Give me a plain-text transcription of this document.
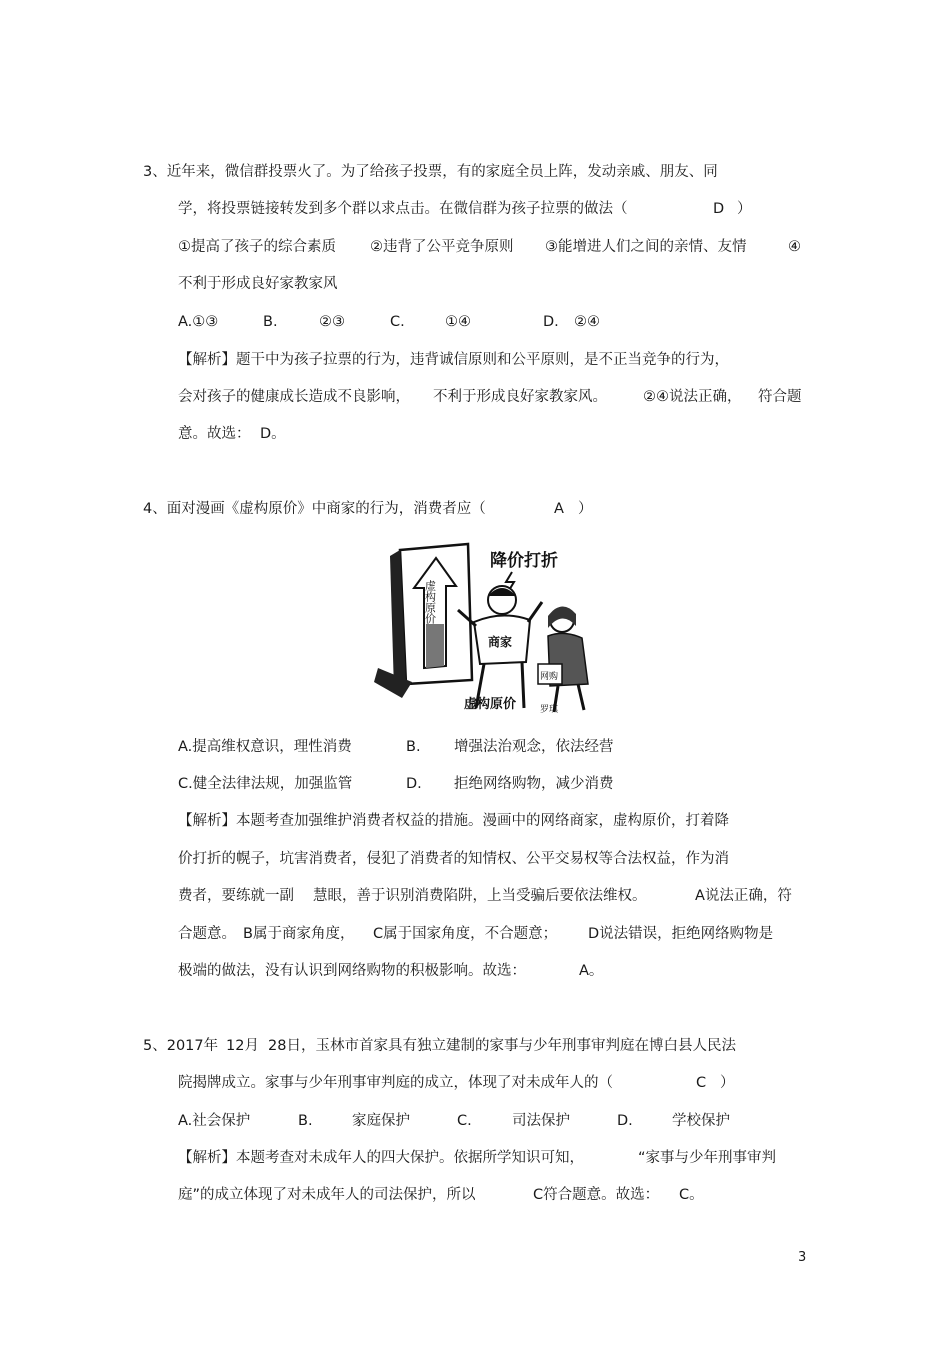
3、近年来，微信群投票火了。为了给孩子投票，有的家庭全员上阵，发动亲戚、朋友、同
学，将投票链接转发到多个群以求点击。在微信群为孩子拉票的做法（	D ）
①提高了孩子的综合素质 ②违背了公平竞争原则 ③能增进人们之间的亲情、友情	④
不利于形成良好家教家风
A.①③	B.	②③	C.	①④	D. ②④
【解析】题干中为孩子拉票的行为，违背诚信原则和公平原则，是不正当竞争的行为，
会对孩子的健康成长造成不良影响， 不利于形成良好家教家风。 ②④说法正确， 符合题
意。故选： D。
4、面对漫画《虚构原价》中商家的行为，消费者应（	A ）
虚构原价
降价打折
商家
网购
虚构原价	罗琪
A.提高维权意识，理性消费	B. 增强法治观念，依法经营
C.健全法律法规，加强监管	D. 拒绝网络购物，减少消费
【解析】本题考查加强维护消费者权益的措施。漫画中的网络商家，虚构原价，打着降
价打折的幌子，坑害消费者，侵犯了消费者的知情权、公平交易权等合法权益，作为消
费者，要练就一副 慧眼，善于识别消费陷阱，上当受骗后要依法维权。	A说法正确，符
合题意。 B属于商家角度， C属于国家角度，不合题意； D说法错误，拒绝网络购物是
极端的做法，没有认识到网络购物的积极影响。故选：	A。
5、2017年 12月 28日，玉林市首家具有独立建制的家事与少年刑事审判庭在博白县人民法
院揭牌成立。家事与少年刑事审判庭的成立，体现了对未成年人的（	C ）
A.社会保护	B.	家庭保护	C.	司法保护	D.	学校保护
【解析】本题考查对未成年人的四大保护。依据所学知识可知，	“家事与少年刑事审判
庭”的成立体现了对未成年人的司法保护，所以	C符合题意。故选： C。
3
